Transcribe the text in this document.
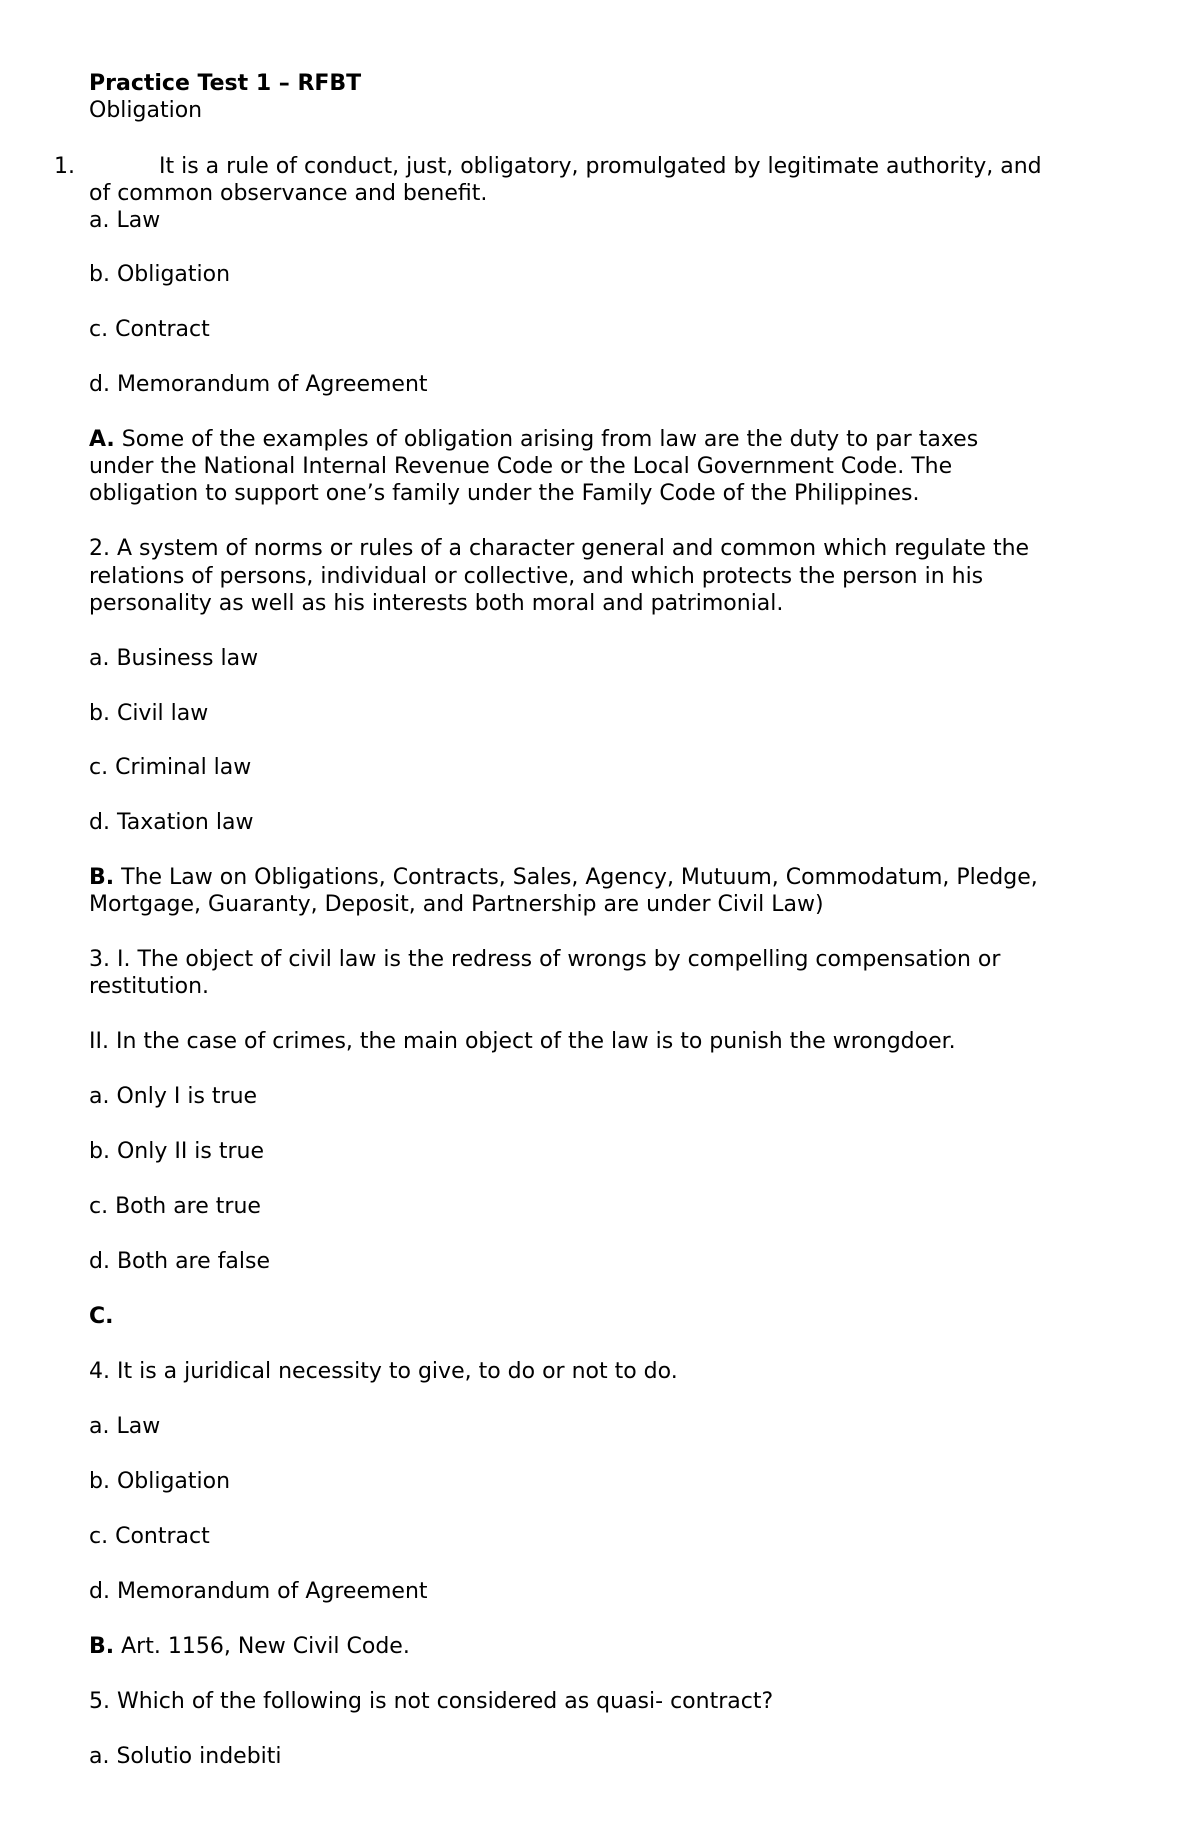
Practice Test 1 – RFBT
Obligation
1.	It is a rule of conduct, just, obligatory, promulgated by legitimate authority, and
of common observance and benefit.
a. Law
b. Obligation
c. Contract
d. Memorandum of Agreement
A. Some of the examples of obligation arising from law are the duty to par taxes
under the National Internal Revenue Code or the Local Government Code. The
obligation to support one’s family under the Family Code of the Philippines.
2. A system of norms or rules of a character general and common which regulate the
relations of persons, individual or collective, and which protects the person in his
personality as well as his interests both moral and patrimonial.
a. Business law
b. Civil law
c. Criminal law
d. Taxation law
B. The Law on Obligations, Contracts, Sales, Agency, Mutuum, Commodatum, Pledge,
Mortgage, Guaranty, Deposit, and Partnership are under Civil Law)
3. I. The object of civil law is the redress of wrongs by compelling compensation or
restitution.
II. In the case of crimes, the main object of the law is to punish the wrongdoer.
a. Only I is true
b. Only II is true
c. Both are true
d. Both are false
C.
4. It is a juridical necessity to give, to do or not to do.
a. Law
b. Obligation
c. Contract
d. Memorandum of Agreement
B. Art. 1156, New Civil Code.
5. Which of the following is not considered as quasi- contract?
a. Solutio indebiti
